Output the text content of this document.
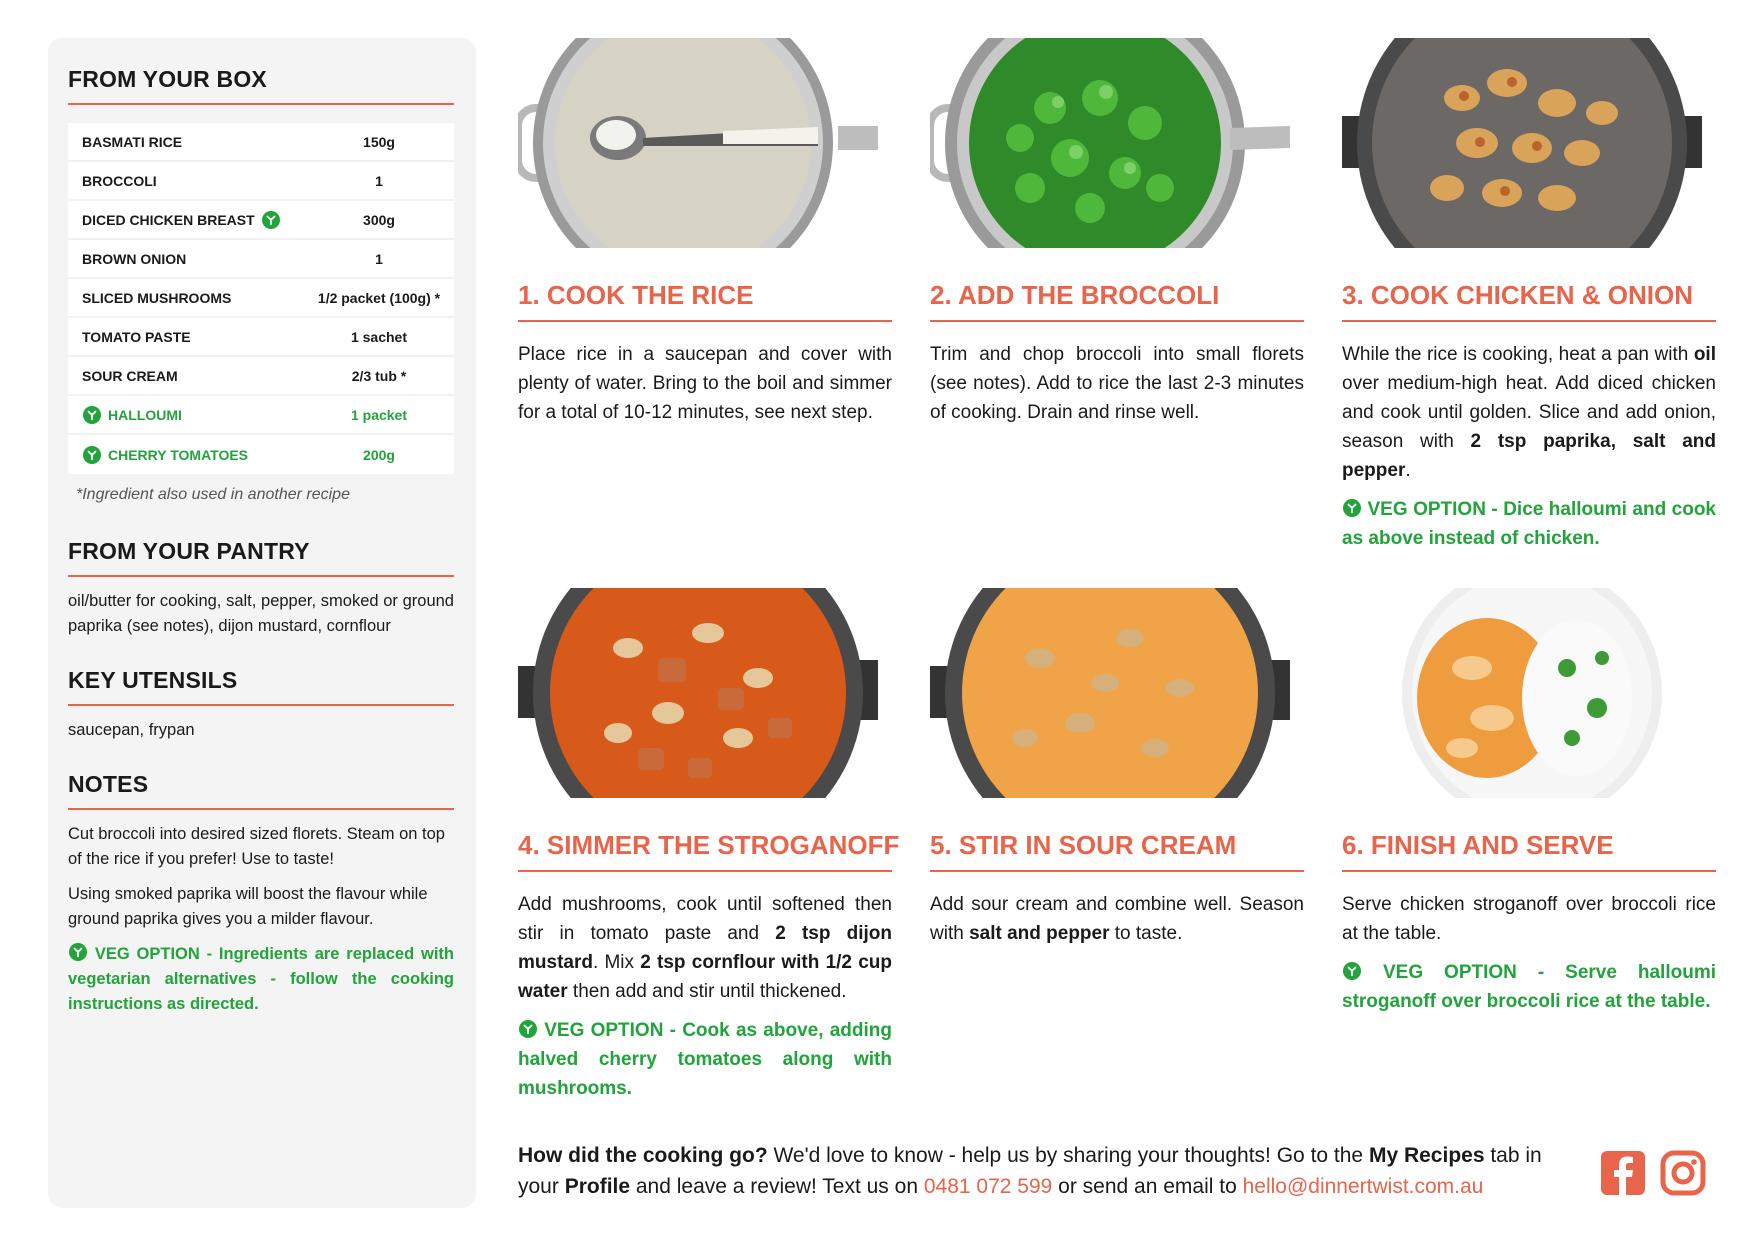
FROM YOUR BOX
BASMATI RICE	150g
BROCCOLI	1
DICED CHICKEN BREAST	300g
BROWN ONION	1
SLICED MUSHROOMS	1/2 packet (100g) *
TOMATO PASTE	1 sachet
SOUR CREAM	2/3 tub *
HALLOUMI	1 packet
CHERRY TOMATOES	200g

*Ingredient also used in another recipe

FROM YOUR PANTRY

oil/butter for cooking, salt, pepper, smoked or ground paprika (see notes), dijon mustard, cornflour

KEY UTENSILS

saucepan, frypan

NOTES

Cut broccoli into desired sized florets. Steam on top of the rice if you prefer! Use to taste!

Using smoked paprika will boost the flavour while ground paprika gives you a milder flavour.

VEG OPTION - Ingredients are replaced with vegetarian alternatives - follow the cooking instructions as directed.

1. COOK THE RICE

Place rice in a saucepan and cover with plenty of water. Bring to the boil and simmer for a total of 10-12 minutes, see next step.

2. ADD THE BROCCOLI

Trim and chop broccoli into small florets (see notes). Add to rice the last 2-3 minutes of cooking. Drain and rinse well.

3. COOK CHICKEN & ONION

While the rice is cooking, heat a pan with oil over medium-high heat. Add diced chicken and cook until golden. Slice and add onion, season with 2 tsp paprika, salt and pepper.

VEG OPTION - Dice halloumi and cook as above instead of chicken.

4. SIMMER THE STROGANOFF

Add mushrooms, cook until softened then stir in tomato paste and 2 tsp dijon mustard. Mix 2 tsp cornflour with 1/2 cup water then add and stir until thickened.

VEG OPTION - Cook as above, adding halved cherry tomatoes along with mushrooms.

5. STIR IN SOUR CREAM

Add sour cream and combine well. Season with salt and pepper to taste.

6. FINISH AND SERVE

Serve chicken stroganoff over broccoli rice at the table.

VEG OPTION - Serve halloumi stroganoff over broccoli rice at the table.

How did the cooking go? We'd love to know - help us by sharing your thoughts! Go to the My Recipes tab in your Profile and leave a review! Text us on 0481 072 599 or send an email to hello@dinnertwist.com.au
